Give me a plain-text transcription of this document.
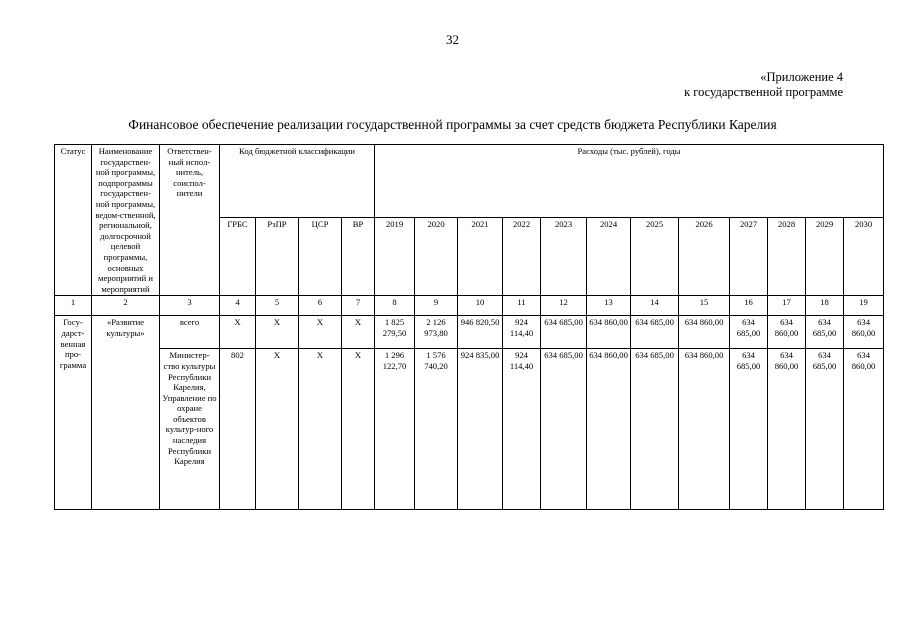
32
«Приложение 4
к государственной программе
Финансовое обеспечение реализации государственной программы за счет средств бюджета Республики Карелия
Статус	Наименование государствен-ной программы, подпрограммы государствен-ной программы, ведом-ственной, региональной, долгосрочной целевой программы, основных мероприятий и мероприятий	Ответствен-ный испол-нитель, соиспол-нители	Код бюджетной классификации				Расходы (тыс. рублей), годы											
			ГРБС	РзПР	ЦСР	ВР	2019	2020	2021	2022	2023	2024	2025	2026	2027	2028	2029	2030
1	2	3	4	5	6	7	8	9	10	11	12	13	14	15	16	17	18	19
Госу-дарст-венная про-грамма	«Развитие культуры»	всего	Х	Х	Х	Х	1 825 279,50	2 126 973,80	946 820,50	924 114,40	634 685,00	634 860,00	634 685,00	634 860,00	634 685,00	634 860,00	634 685,00	634 860,00
		Министер-ство культуры Республики Карелия, Управление по охране объектов культур-ного наследия Республики Карелия	802	Х	Х	Х	1 296 122,70	1 576 740,20	924 835,00	924 114,40	634 685,00	634 860,00	634 685,00	634 860,00	634 685,00	634 860,00	634 685,00	634 860,00
